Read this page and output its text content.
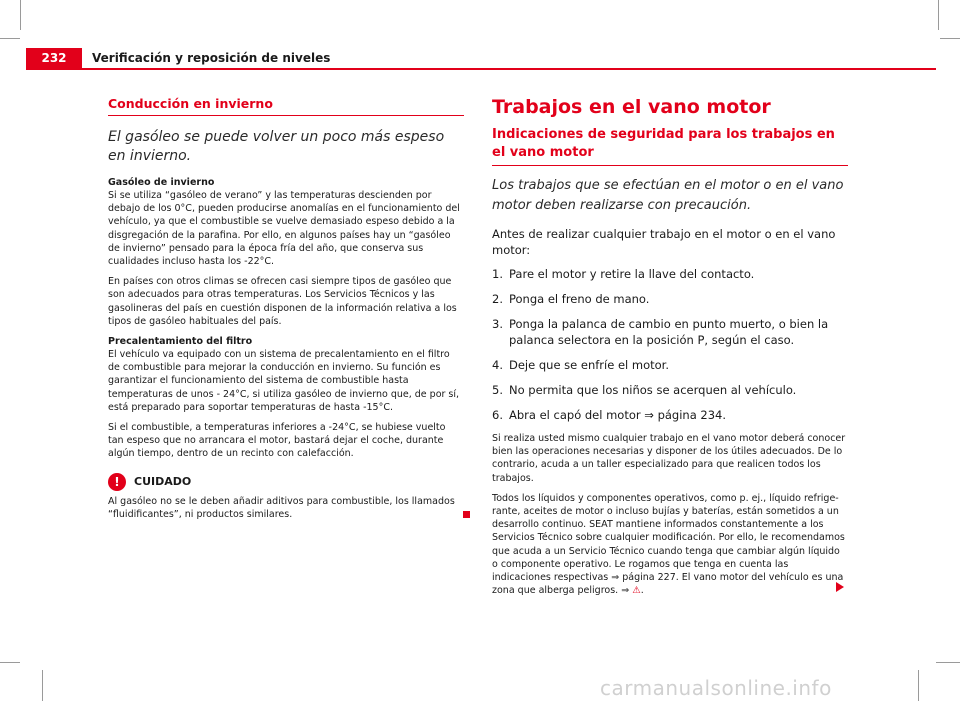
232	Verificación y reposición de niveles
Conducción en invierno

El gasóleo se puede volver un poco más espeso en invierno.

Gasóleo de invierno

Si se utiliza “gasóleo de verano” y las temperaturas descienden por debajo de los 0°C, pueden producirse anomalías en el funcionamiento del vehículo, ya que el combustible se vuelve demasiado espeso debido a la disgregación de la parafina. Por ello, en algunos países hay un “gasóleo de invierno” pensado para la época fría del año, que conserva sus cualidades incluso hasta los -22°C.

En países con otros climas se ofrecen casi siempre tipos de gasóleo que son adecuados para otras temperaturas. Los Servicios Técnicos y las gasolineras del país en cuestión disponen de la información relativa a los tipos de gasóleo habituales del país.

Precalentamiento del filtro

El vehículo va equipado con un sistema de precalentamiento en el filtro de combustible para mejorar la conducción en invierno. Su función es garantizar el funcionamiento del sistema de combustible hasta temperaturas de unos - 24°C, si utiliza gasóleo de invierno que, de por sí, está preparado para soportar temperaturas de hasta -15°C.

Si el combustible, a temperaturas inferiores a -24°C, se hubiese vuelto tan espeso que no arrancara el motor, bastará dejar el coche, durante algún tiempo, dentro de un recinto con calefacción.

!	CUIDADO

Al gasóleo no se le deben añadir aditivos para combustible, los llamados “fluidificantes”, ni productos similares.

Trabajos en el vano motor
Indicaciones de seguridad para los trabajos en el vano motor

Los trabajos que se efectúan en el motor o en el vano motor deben realizarse con precaución.

Antes de realizar cualquier trabajo en el motor o en el vano motor:

1. Pare el motor y retire la llave del contacto.
2. Ponga el freno de mano.
3. Ponga la palanca de cambio en punto muerto, o bien la palanca selectora en la posición P, según el caso.
4. Deje que se enfríe el motor.
5. No permita que los niños se acerquen al vehículo.
6. Abra el capó del motor ⇒ página 234.

Si realiza usted mismo cualquier trabajo en el vano motor deberá conocer bien las operaciones necesarias y disponer de los útiles adecuados. De lo contrario, acuda a un taller especializado para que realicen todos los trabajos.

Todos los líquidos y componentes operativos, como p. ej., líquido refrigerante, aceites de motor o incluso bujías y baterías, están sometidos a un desarrollo continuo. SEAT mantiene informados constantemente a los Servicios Técnico sobre cualquier modificación. Por ello, le recomendamos que acuda a un Servicio Técnico cuando tenga que cambiar algún líquido o componente operativo. Le rogamos que tenga en cuenta las indicaciones respectivas ⇒ página 227. El vano motor del vehículo es una zona que alberga peligros. ⇒ ⚠.

carmanualsonline.info
